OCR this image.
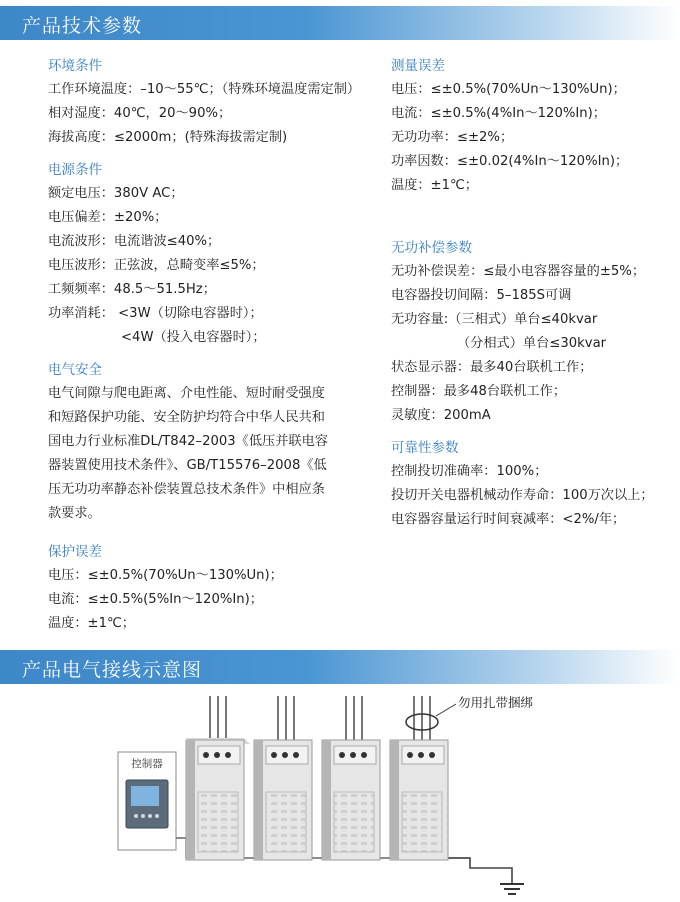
产品技术参数
环境条件
工作环境温度：–10～55℃；（特殊环境温度需定制）
相对湿度：40℃，20～90%；
海拔高度：≤2000m；(特殊海拔需定制)
电源条件
额定电压：380V AC；
电压偏差：±20%；
电流波形：电流谐波≤40%；
电压波形：正弦波，总畸变率≤5%；
工频频率：48.5～51.5Hz；
功率消耗： <3W（切除电容器时）；
<4W（投入电容器时）；
电气安全
电气间隙与爬电距离、介电性能、短时耐受强度
和短路保护功能、安全防护均符合中华人民共和
国电力行业标准DL/T842–2003《低压并联电容
器装置使用技术条件》、GB/T15576–2008《低
压无功功率静态补偿装置总技术条件》中相应条
款要求。
保护误差
电压：≤±0.5%(70%Un～130%Un)；
电流：≤±0.5%(5%In～120%In)；
温度：±1℃；
测量误差
电压：≤±0.5%(70%Un～130%Un)；
电流：≤±0.5%(4%In～120%In)；
无功功率：≤±2%；
功率因数：≤±0.02(4%In～120%In)；
温度：±1℃；
无功补偿参数
无功补偿误差：≤最小电容器容量的±5%；
电容器投切间隔：5–185S可调
无功容量:（三相式）单台≤40kvar
（分相式）单台≤30kvar
状态显示器：最多40台联机工作；
控制器：最多48台联机工作；
灵敏度：200mA
可靠性参数
控制投切准确率：100%；
投切开关电器机械动作寿命：100万次以上；
电容器容量运行时间衰减率：<2%/年；
产品电气接线示意图
控制器
勿用扎带捆绑
